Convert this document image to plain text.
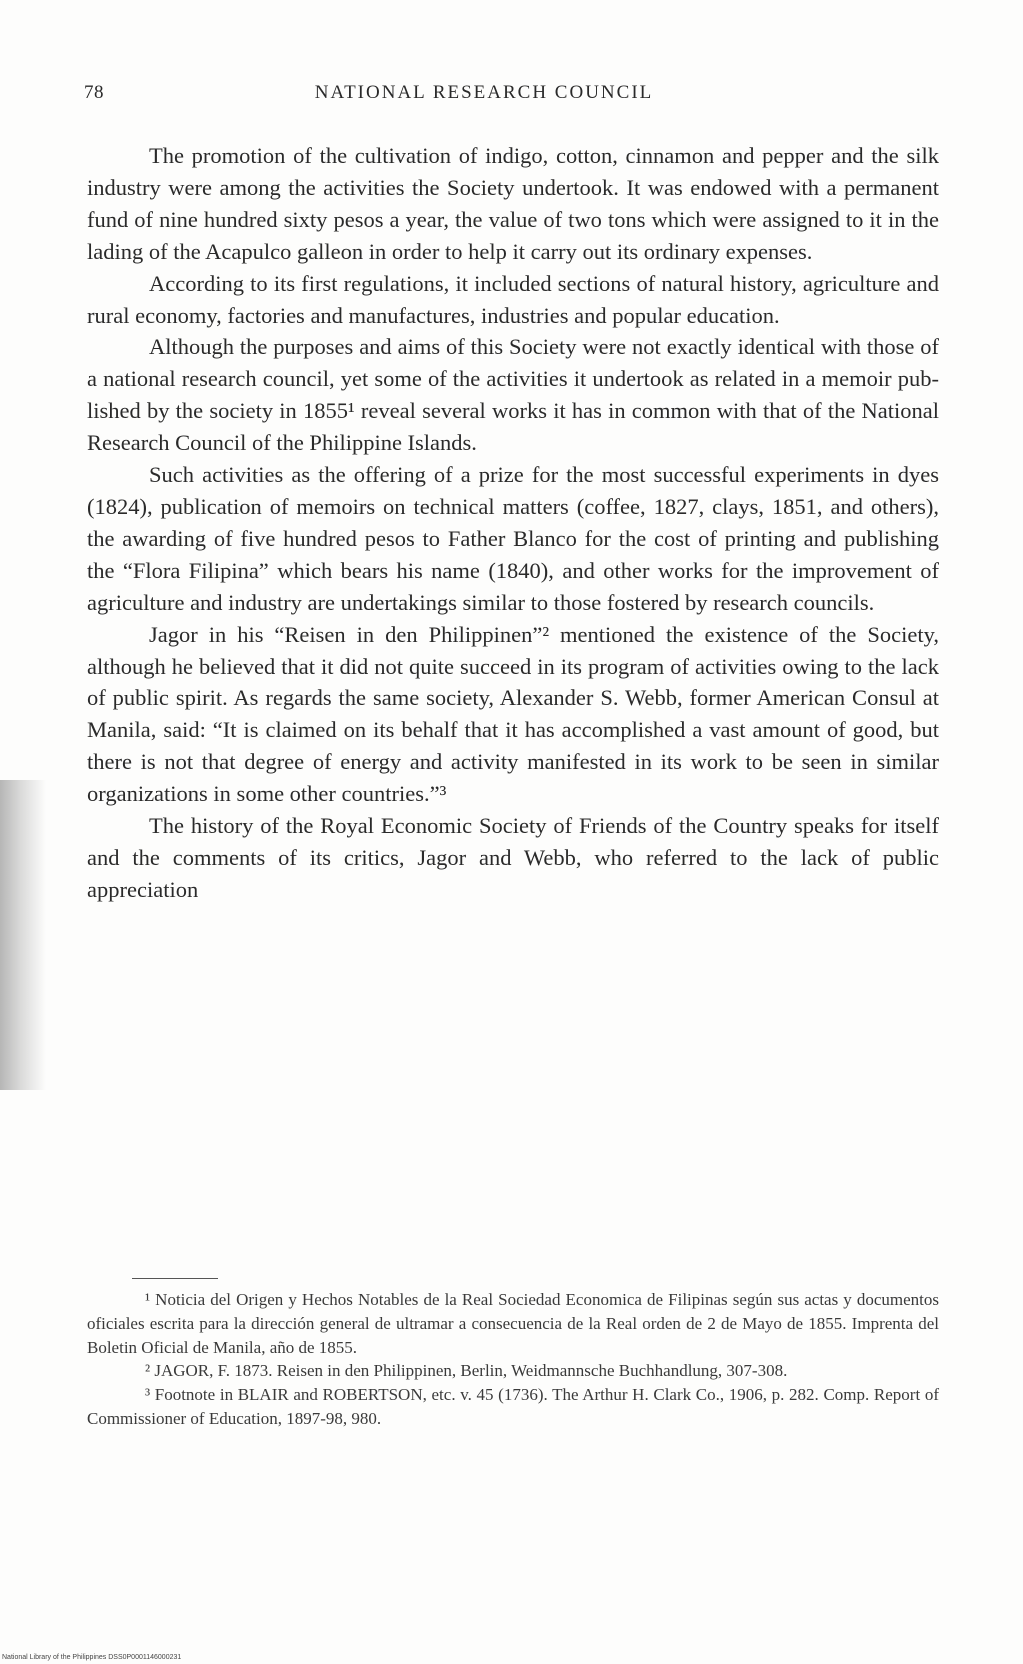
78	NATIONAL RESEARCH COUNCIL

The promotion of the cultivation of indigo, cotton, cinnamon and pepper and the silk industry were among the activities the Society undertook. It was endowed with a permanent fund of nine hundred sixty pesos a year, the value of two tons which were assigned to it in the lading of the Acapulco galleon in order to help it carry out its ordinary expenses.

According to its first regulations, it included sections of natural history, agriculture and rural economy, factories and manufactures, industries and popular education.

Although the purposes and aims of this Society were not exactly identical with those of a national research council, yet some of the activities it undertook as related in a memoir published by the society in 1855¹ reveal several works it has in common with that of the National Research Council of the Philippine Islands.

Such activities as the offering of a prize for the most successful experiments in dyes (1824), publication of memoirs on technical matters (coffee, 1827, clays, 1851, and others), the awarding of five hundred pesos to Father Blanco for the cost of printing and publishing the “Flora Filipina” which bears his name (1840), and other works for the improvement of agriculture and industry are undertakings similar to those fostered by research councils.

Jagor in his “Reisen in den Philippinen”² mentioned the existence of the Society, although he believed that it did not quite succeed in its program of activities owing to the lack of public spirit. As regards the same society, Alexander S. Webb, former American Consul at Manila, said: “It is claimed on its behalf that it has accomplished a vast amount of good, but there is not that degree of energy and activity manifested in its work to be seen in similar organizations in some other countries.”³

The history of the Royal Economic Society of Friends of the Country speaks for itself and the comments of its critics, Jagor and Webb, who referred to the lack of public appreciation

¹ Noticia del Origen y Hechos Notables de la Real Sociedad Economica de Filipinas según sus actas y documentos oficiales escrita para la dirección general de ultramar a consecuencia de la Real orden de 2 de Mayo de 1855. Imprenta del Boletin Oficial de Manila, año de 1855.

² JAGOR, F. 1873. Reisen in den Philippinen, Berlin, Weidmannsche Buchhandlung, 307-308.

³ Footnote in BLAIR and ROBERTSON, etc. v. 45 (1736). The Arthur H. Clark Co., 1906, p. 282. Comp. Report of Commissioner of Education, 1897-98, 980.

National Library of the Philippines DSS0P0001146000231
